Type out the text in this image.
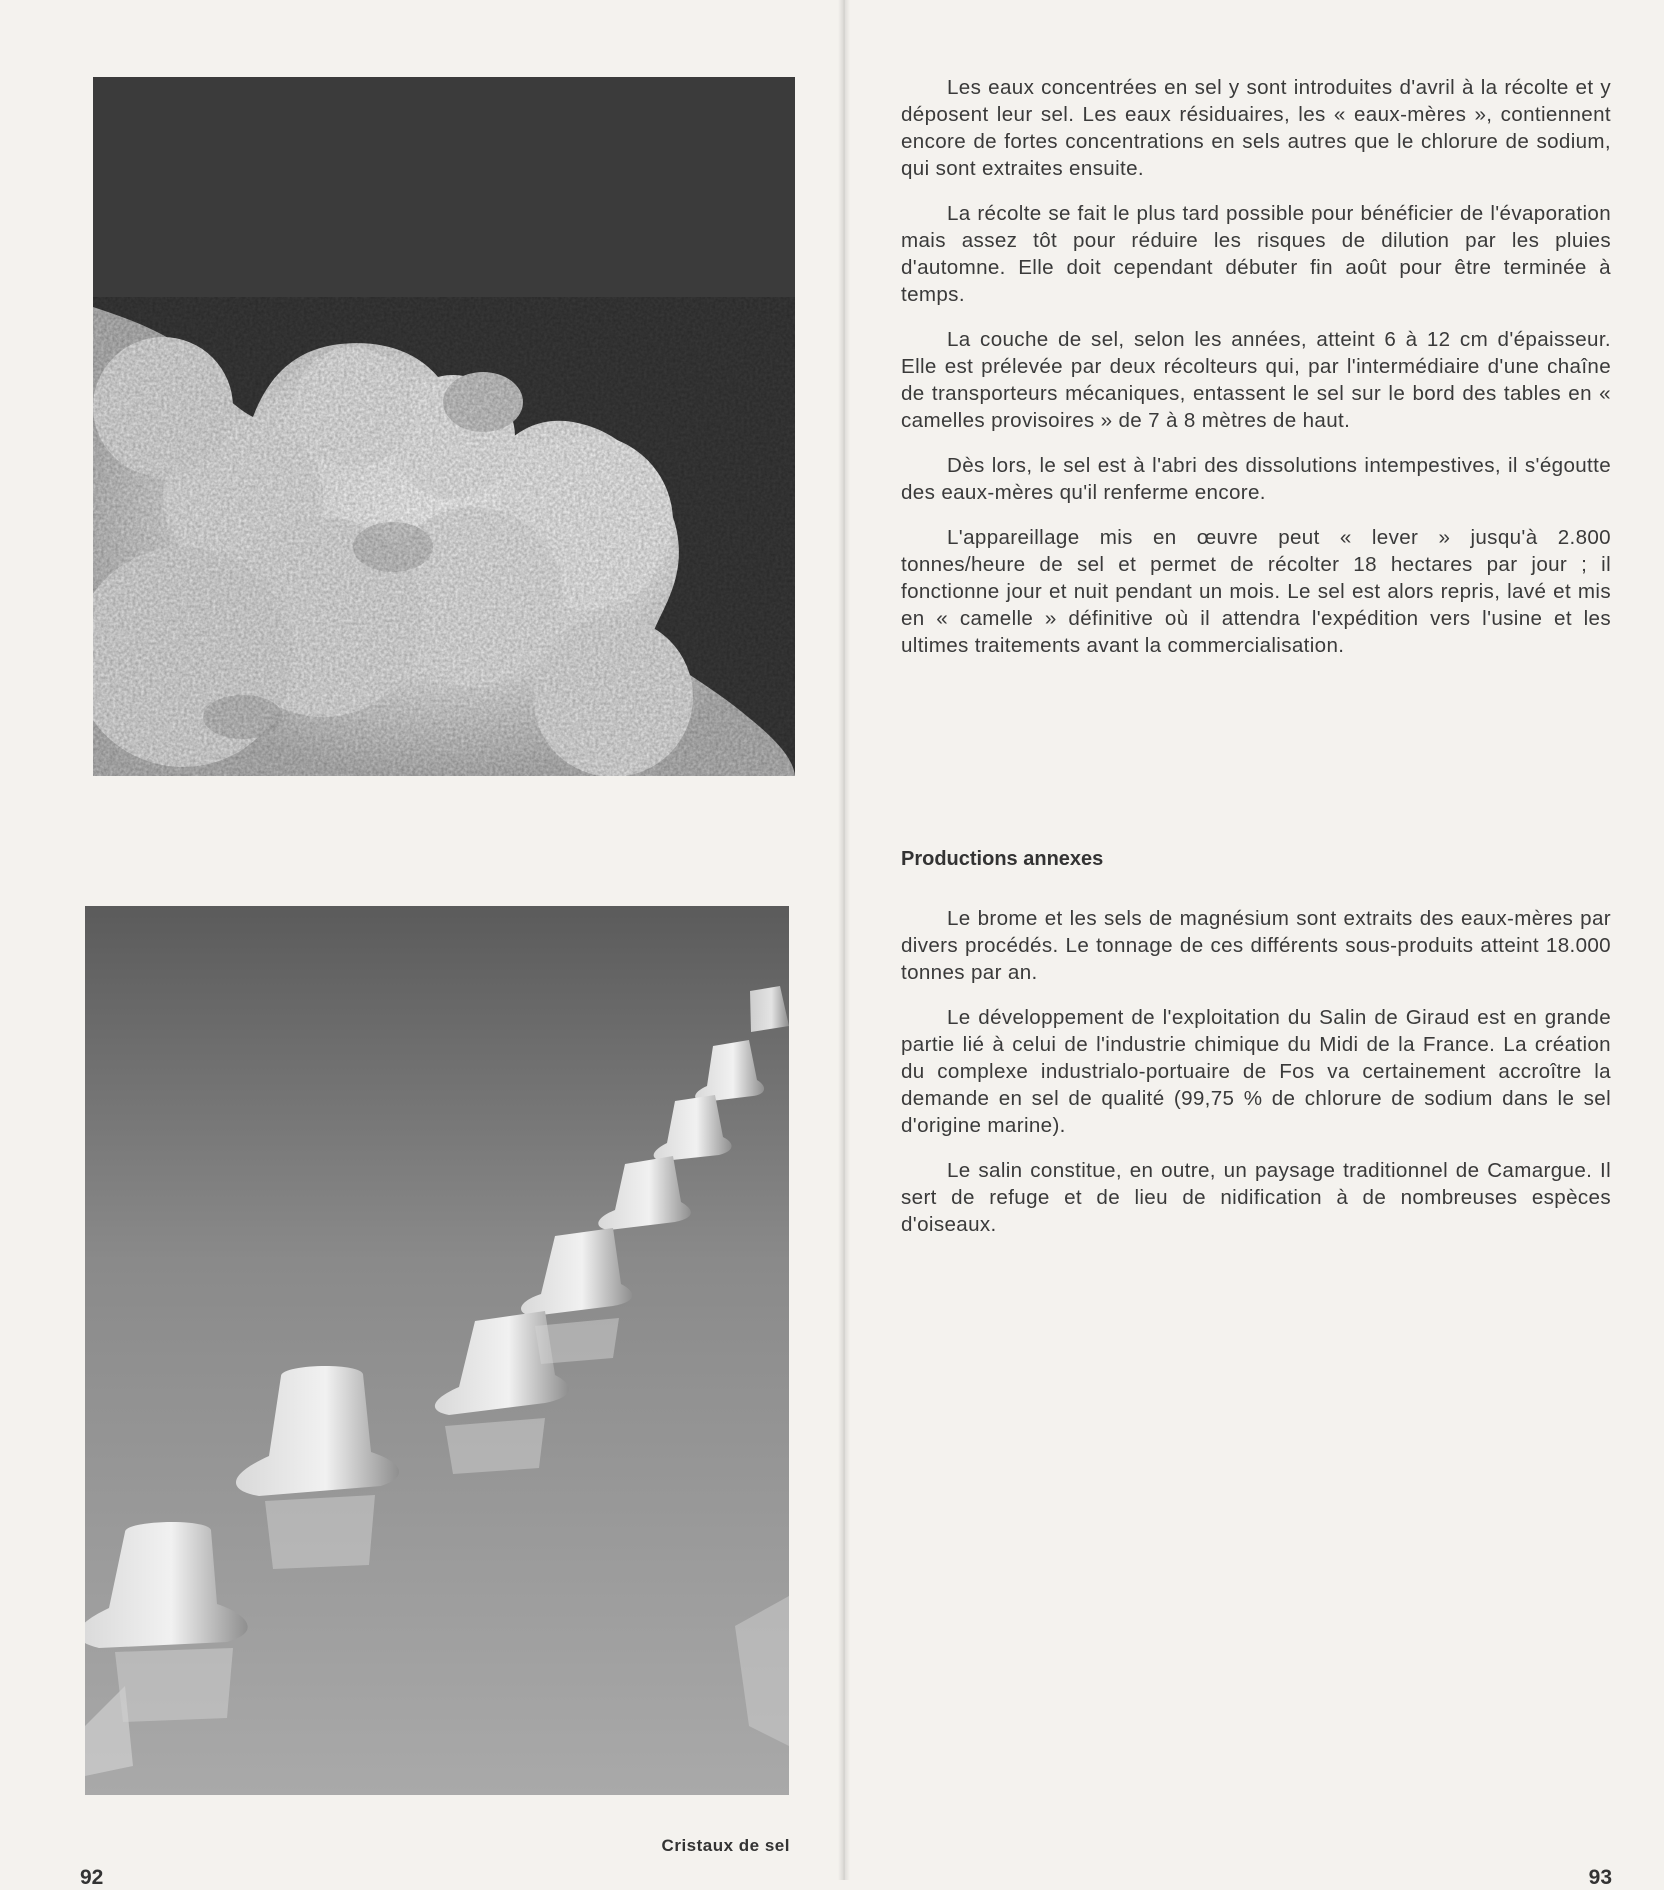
Cristaux de sel
92

Les eaux concentrées en sel y sont introduites d'avril à la récolte et y déposent leur sel. Les eaux résiduaires, les « eaux-mères », contiennent encore de fortes concentrations en sels autres que le chlorure de sodium, qui sont extraites ensuite.

La récolte se fait le plus tard possible pour bénéficier de l'évaporation mais assez tôt pour réduire les risques de dilution par les pluies d'automne. Elle doit cependant débuter fin août pour être terminée à temps.

La couche de sel, selon les années, atteint 6 à 12 cm d'épaisseur. Elle est prélevée par deux récolteurs qui, par l'intermédiaire d'une chaîne de transporteurs mécaniques, entassent le sel sur le bord des tables en « camelles provisoires » de 7 à 8 mètres de haut.

Dès lors, le sel est à l'abri des dissolutions intempestives, il s'égoutte des eaux-mères qu'il renferme encore.

L'appareillage mis en œuvre peut « lever » jusqu'à 2.800 tonnes/heure de sel et permet de récolter 18 hectares par jour ; il fonctionne jour et nuit pendant un mois. Le sel est alors repris, lavé et mis en « camelle » définitive où il attendra l'expédition vers l'usine et les ultimes traitements avant la commercialisation.

Productions annexes

Le brome et les sels de magnésium sont extraits des eaux-mères par divers procédés. Le tonnage de ces différents sous-produits atteint 18.000 tonnes par an.

Le développement de l'exploitation du Salin de Giraud est en grande partie lié à celui de l'industrie chimique du Midi de la France. La création du complexe industrialo-portuaire de Fos va certainement accroître la demande en sel de qualité (99,75 % de chlorure de sodium dans le sel d'origine marine).

Le salin constitue, en outre, un paysage traditionnel de Camargue. Il sert de refuge et de lieu de nidification à de nombreuses espèces d'oiseaux.

93
